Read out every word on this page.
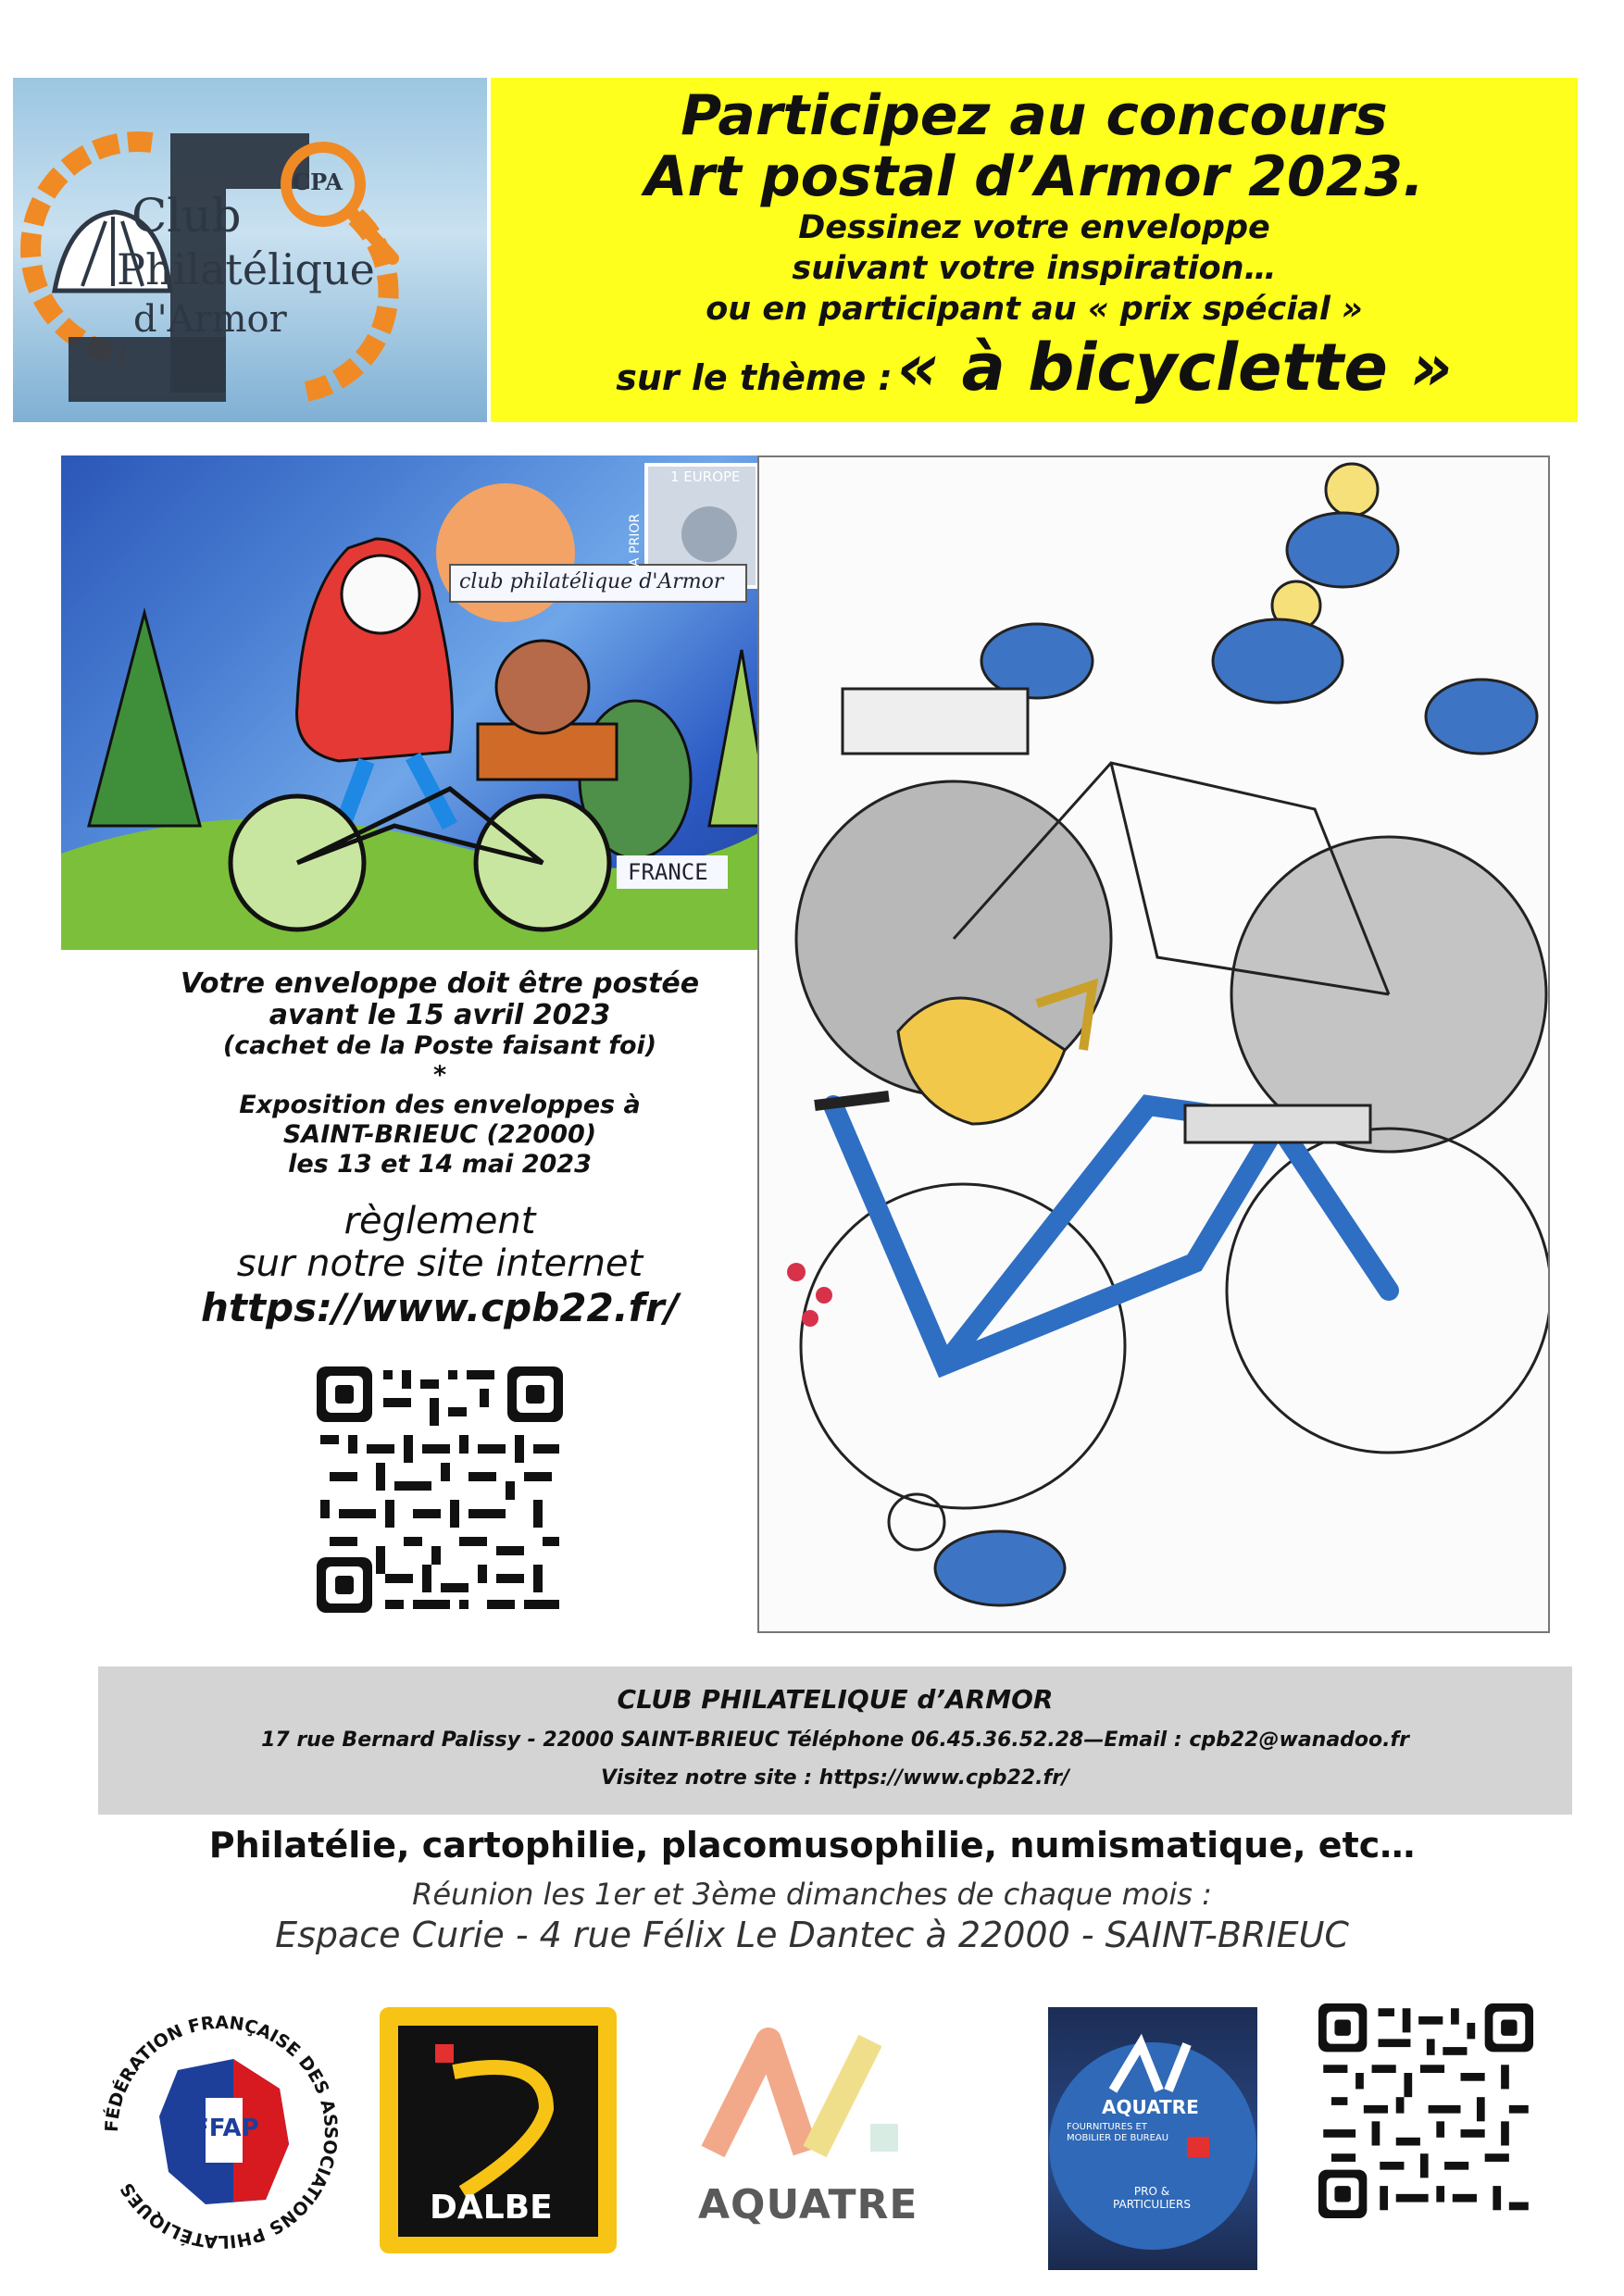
CPA
Club
Philatélique
d'Armor
Participez au concours
Art postal d’Armor 2023.
Dessinez votre enveloppe
suivant votre inspiration…
ou en participant au « prix spécial »
sur le thème : « à bicyclette »
1 EUROPE
A PRIOR
club philatélique d'Armor
FRANCE
Votre enveloppe doit être postée
avant le 15 avril 2023
(cachet de la Poste faisant foi)
*
Exposition des enveloppes à
SAINT-BRIEUC (22000)
les 13 et 14 mai 2023
règlement
sur notre site internet
https://www.cpb22.fr/
CLUB PHILATELIQUE d’ARMOR
17 rue Bernard Palissy - 22000 SAINT-BRIEUC Téléphone 06.45.36.52.28—Email : cpb22@wanadoo.fr
Visitez notre site : https://www.cpb22.fr/
Philatélie, cartophilie, placomusophilie, numismatique, etc…
Réunion les 1er et 3ème dimanches de chaque mois :
Espace Curie - 4 rue Félix Le Dantec à 22000 - SAINT-BRIEUC
FÉDÉRATION FRANÇAISE DES ASSOCIATIONS PHILATÉLIQUES
FFAP
DALBE	AQUATRE
AQUATRE
FOURNITURES ET MOBILIER DE BUREAU
PRO & PARTICULIERS
